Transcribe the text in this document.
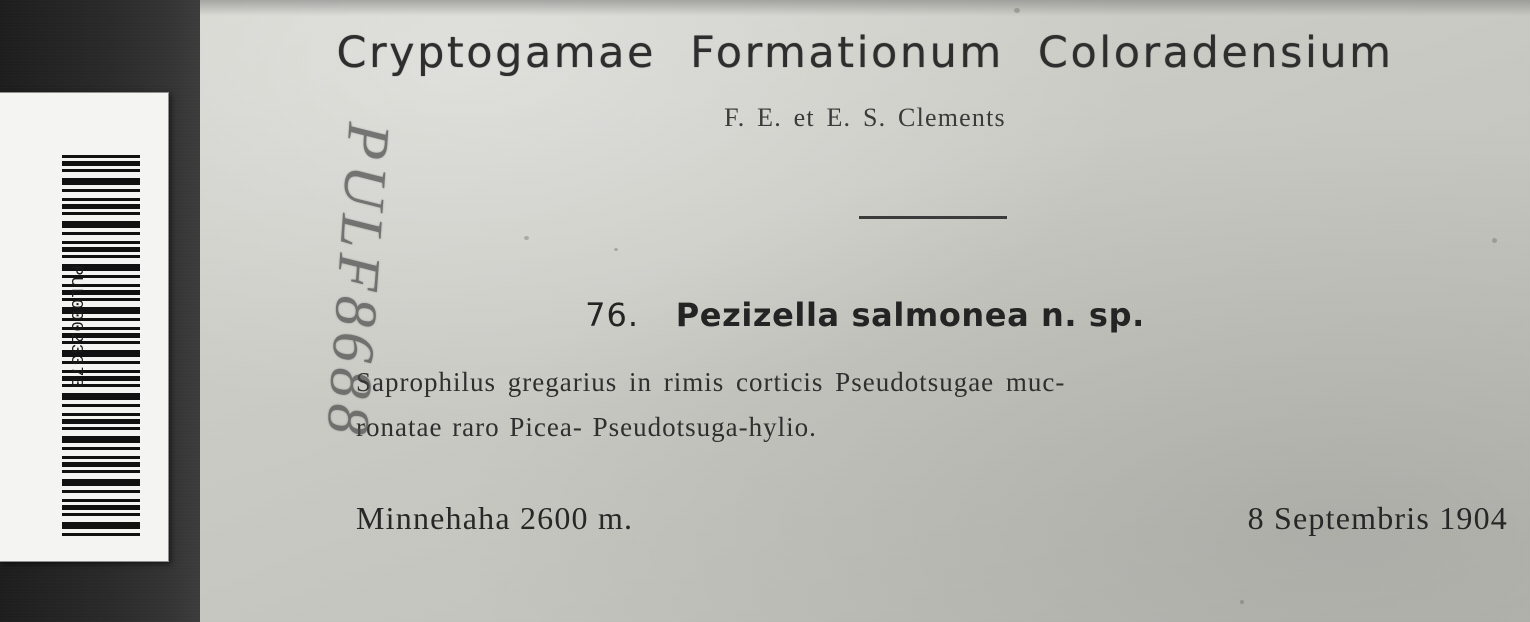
Cryptogamae Formationum Coloradensium
F. E. et E. S. Clements
76. Pezizella salmonea n. sp.
Saprophilus gregarius in rimis corticis Pseudotsugae muc-
ronatae raro Picea- Pseudotsuga-hylio.
Minnehaha 2600 m.	8 Septembris 1904
PULF8688
PUL00023373
